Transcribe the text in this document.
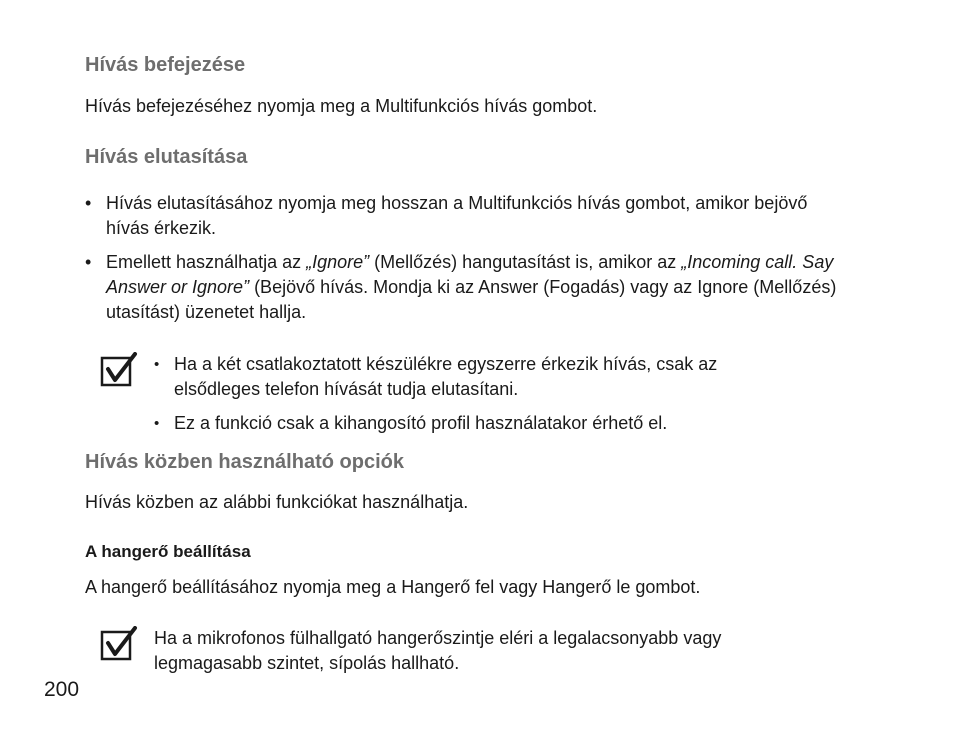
Hívás befejezése

Hívás befejezéséhez nyomja meg a Multifunkciós hívás gombot.

Hívás elutasítása
• Hívás elutasításához nyomja meg hosszan a Multifunkciós hívás gombot, amikor bejövő hívás érkezik.
• Emellett használhatja az „Ignore” (Mellőzés) hangutasítást is, amikor az „Incoming call. Say Answer or Ignore” (Bejövő hívás. Mondja ki az Answer (Fogadás) vagy az Ignore (Mellőzés) utasítást) üzenetet hallja.
• Ha a két csatlakoztatott készülékre egyszerre érkezik hívás, csak az elsődleges telefon hívását tudja elutasítani.
• Ez a funkció csak a kihangosító profil használatakor érhető el.
Hívás közben használható opciók

Hívás közben az alábbi funkciókat használhatja.

A hangerő beállítása

A hangerő beállításához nyomja meg a Hangerő fel vagy Hangerő le gombot.

Ha a mikrofonos fülhallgató hangerőszintje eléri a legalacsonyabb vagy legmagasabb szintet, sípolás hallható.

200
